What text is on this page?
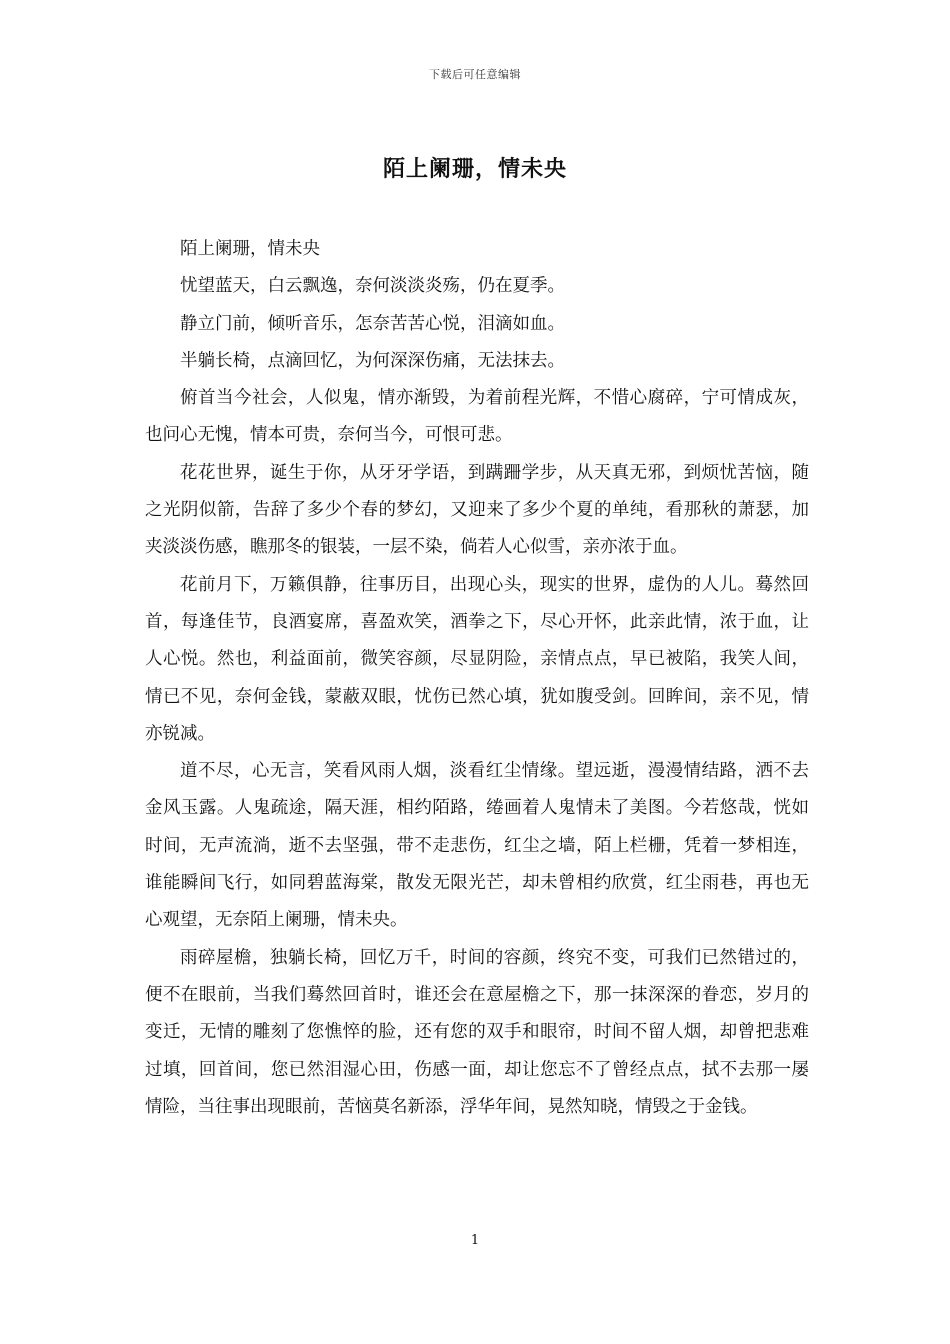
下载后可任意编辑
陌上阑珊，情未央

陌上阑珊，情未央

忧望蓝天，白云飘逸，奈何淡淡炎殇，仍在夏季。

静立门前，倾听音乐，怎奈苦苦心悦，泪滴如血。

半躺长椅，点滴回忆，为何深深伤痛，无法抹去。

俯首当今社会，人似鬼，情亦渐毁，为着前程光辉，不惜心腐碎，宁可情成灰，也问心无愧，情本可贵，奈何当今，可恨可悲。

花花世界，诞生于你，从牙牙学语，到蹒跚学步，从天真无邪，到烦忧苦恼，随之光阴似箭，告辞了多少个春的梦幻，又迎来了多少个夏的单纯，看那秋的萧瑟，加夹淡淡伤感，瞧那冬的银装，一层不染，倘若人心似雪，亲亦浓于血。

花前月下，万籁俱静，往事历目，出现心头，现实的世界，虚伪的人儿。蓦然回首，每逢佳节，良酒宴席，喜盈欢笑，酒拳之下，尽心开怀，此亲此情，浓于血，让人心悦。然也，利益面前，微笑容颜，尽显阴险，亲情点点，早已被陷，我笑人间，情已不见，奈何金钱，蒙蔽双眼，忧伤已然心填，犹如腹受剑。回眸间，亲不见，情亦锐减。

道不尽，心无言，笑看风雨人烟，淡看红尘情缘。望远逝，漫漫情结路，洒不去金风玉露。人鬼疏途，隔天涯，相约陌路，绻画着人鬼情未了美图。今若悠哉，恍如时间，无声流淌，逝不去坚强，带不走悲伤，红尘之墙，陌上栏栅，凭着一梦相连，谁能瞬间飞行，如同碧蓝海棠，散发无限光芒，却未曾相约欣赏，红尘雨巷，再也无心观望，无奈陌上阑珊，情未央。

雨碎屋檐，独躺长椅，回忆万千，时间的容颜，终究不变，可我们已然错过的，便不在眼前，当我们蓦然回首时，谁还会在意屋檐之下，那一抹深深的眷恋，岁月的变迁，无情的雕刻了您憔悴的脸，还有您的双手和眼帘，时间不留人烟，却曾把悲难过填，回首间，您已然泪湿心田，伤感一面，却让您忘不了曾经点点，拭不去那一屡情险，当往事出现眼前，苦恼莫名新添，浮华年间，晃然知晓，情毁之于金钱。

1
